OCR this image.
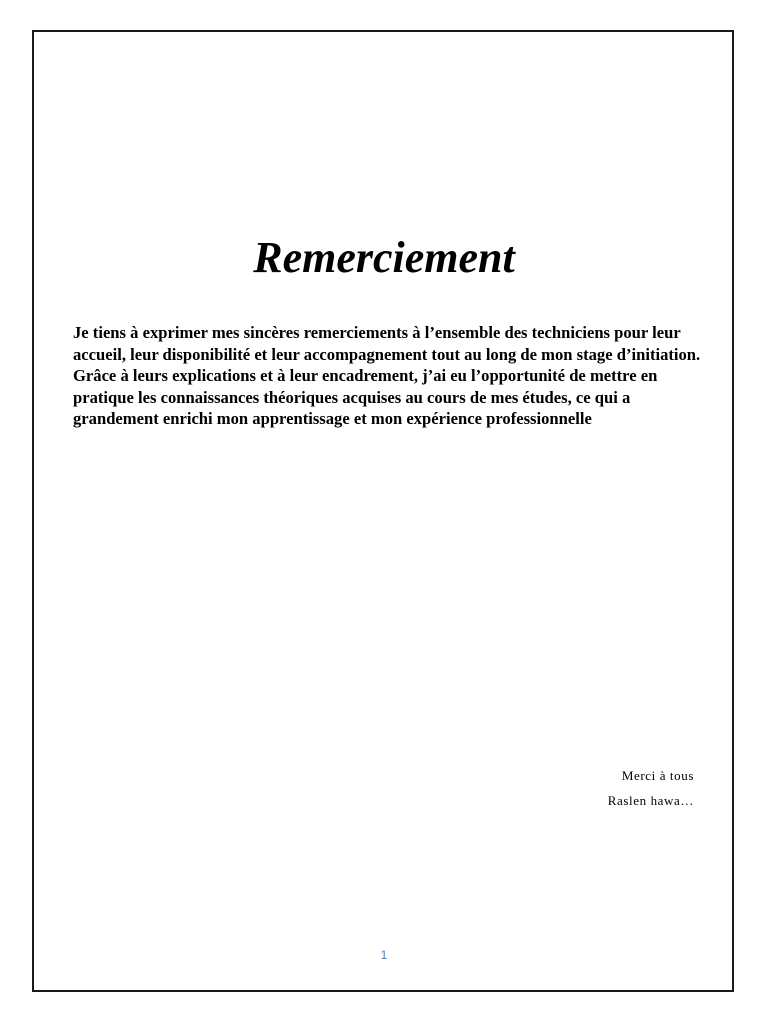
Remerciement

Je tiens à exprimer mes sincères remerciements à l’ensemble des techniciens pour leur accueil, leur disponibilité et leur accompagnement tout au long de mon stage d’initiation. Grâce à leurs explications et à leur encadrement, j’ai eu l’opportunité de mettre en pratique les connaissances théoriques acquises au cours de mes études, ce qui a grandement enrichi mon apprentissage et mon expérience professionnelle

Merci à tous

Raslen hawa…

1
